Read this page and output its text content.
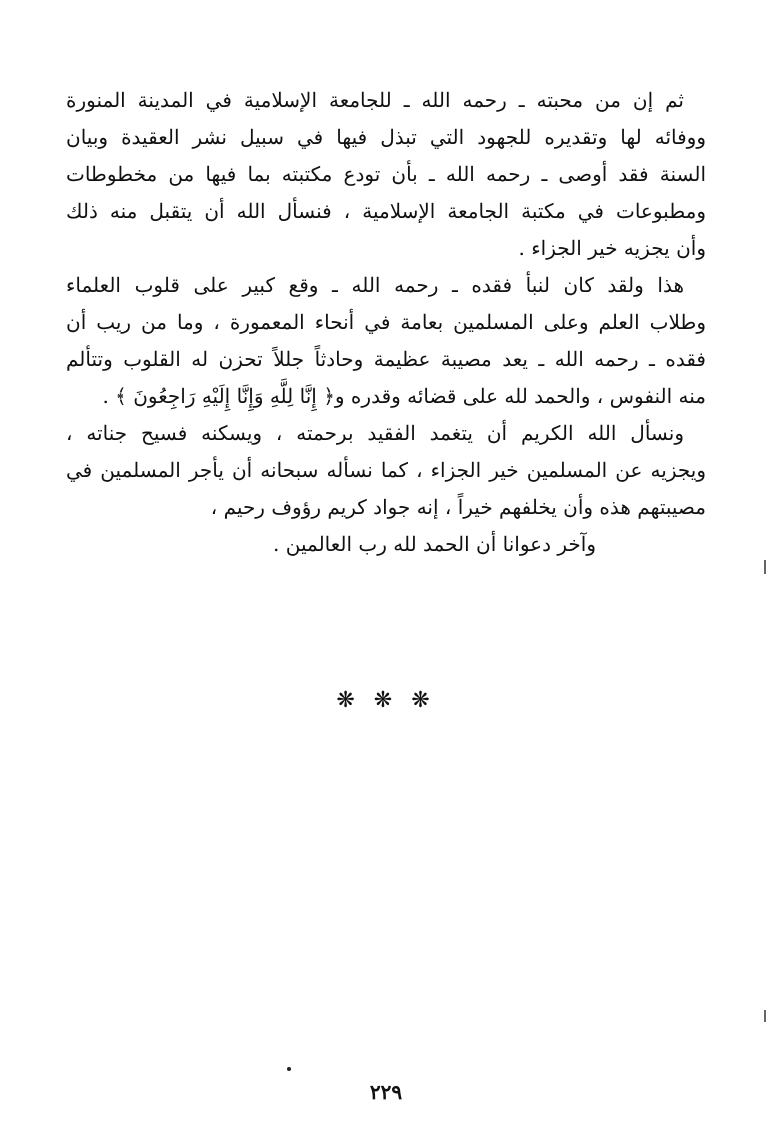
ثم إن من محبته ـ رحمه الله ـ للجامعة الإسلامية في المدينة المنورة
ووفائه لها وتقديره للجهود التي تبذل فيها في سبيل نشر العقيدة وبيان
السنة فقد أوصى ـ رحمه الله ـ بأن تودع مكتبته بما فيها من مخطوطات
ومطبوعات في مكتبة الجامعة الإسلامية ، فنسأل الله أن يتقبل منه ذلك
وأن يجزيه خير الجزاء .
هذا ولقد كان لنبأ فقده ـ رحمه الله ـ وقع كبير على قلوب العلماء
وطلاب العلم وعلى المسلمين بعامة في أنحاء المعمورة ، وما من ريب أن
فقده ـ رحمه الله ـ يعد مصيبة عظيمة وحادثاً جللاً تحزن له القلوب وتتألم
منه النفوس ، والحمد لله على قضائه وقدره و﴿ إِنَّا لِلَّهِ وَإِنَّا إِلَيْهِ رَاجِعُونَ ﴾ .
ونسأل الله الكريم أن يتغمد الفقيد برحمته ، ويسكنه فسيح جناته ،
ويجزيه عن المسلمين خير الجزاء ، كما نسأله سبحانه أن يأجر المسلمين في
مصيبتهم هذه وأن يخلفهم خيراً ، إنه جواد كريم رؤوف رحيم ،
وآخر دعوانا أن الحمد لله رب العالمين .
❋ ❋ ❋
٢٢٩
